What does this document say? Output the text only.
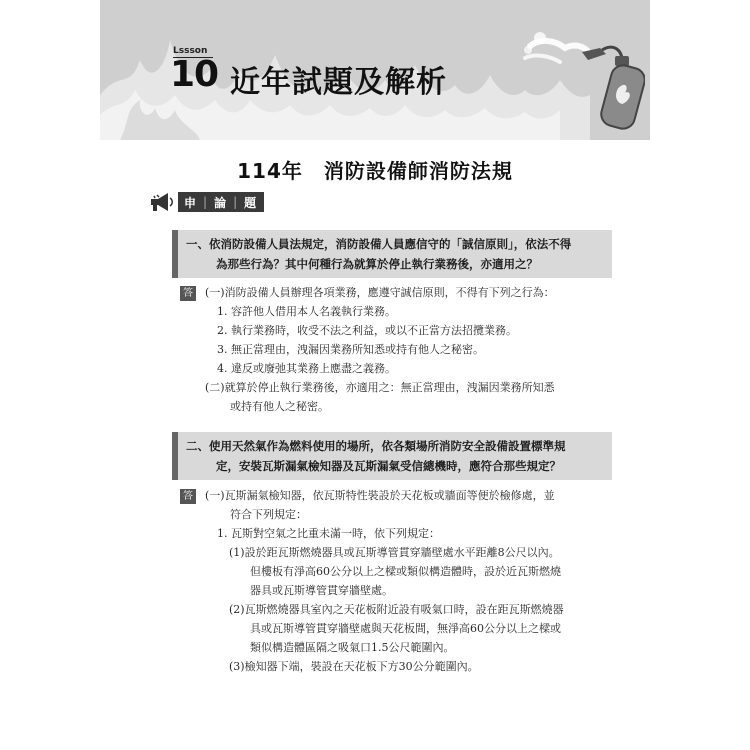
Lssson
10 近年試題及解析
114年　消防設備師消防法規
申 | 論 | 題
一、依消防設備人員法規定，消防設備人員應信守的「誠信原則」，依法不得
為那些行為？其中何種行為就算於停止執行業務後，亦適用之？
答 (一)消防設備人員辦理各項業務，應遵守誠信原則，不得有下列之行為：
1. 容許他人借用本人名義執行業務。
2. 執行業務時，收受不法之利益，或以不正當方法招攬業務。
3. 無正當理由，洩漏因業務所知悉或持有他人之秘密。
4. 違反或廢弛其業務上應盡之義務。
(二)就算於停止執行業務後，亦適用之：無正當理由，洩漏因業務所知悉
或持有他人之秘密。
二、使用天然氣作為燃料使用的場所，依各類場所消防安全設備設置標準規
定，安裝瓦斯漏氣檢知器及瓦斯漏氣受信總機時，應符合那些規定？
答 (一)瓦斯漏氣檢知器，依瓦斯特性裝設於天花板或牆面等便於檢修處，並
符合下列規定：
1. 瓦斯對空氣之比重未滿一時，依下列規定：
(1)設於距瓦斯燃燒器具或瓦斯導管貫穿牆壁處水平距離8公尺以內。
但樓板有淨高60公分以上之樑或類似構造體時，設於近瓦斯燃燒
器具或瓦斯導管貫穿牆壁處。
(2)瓦斯燃燒器具室內之天花板附近設有吸氣口時，設在距瓦斯燃燒器
具或瓦斯導管貫穿牆壁處與天花板間，無淨高60公分以上之樑或
類似構造體區隔之吸氣口1.5公尺範圍內。
(3)檢知器下端，裝設在天花板下方30公分範圍內。
